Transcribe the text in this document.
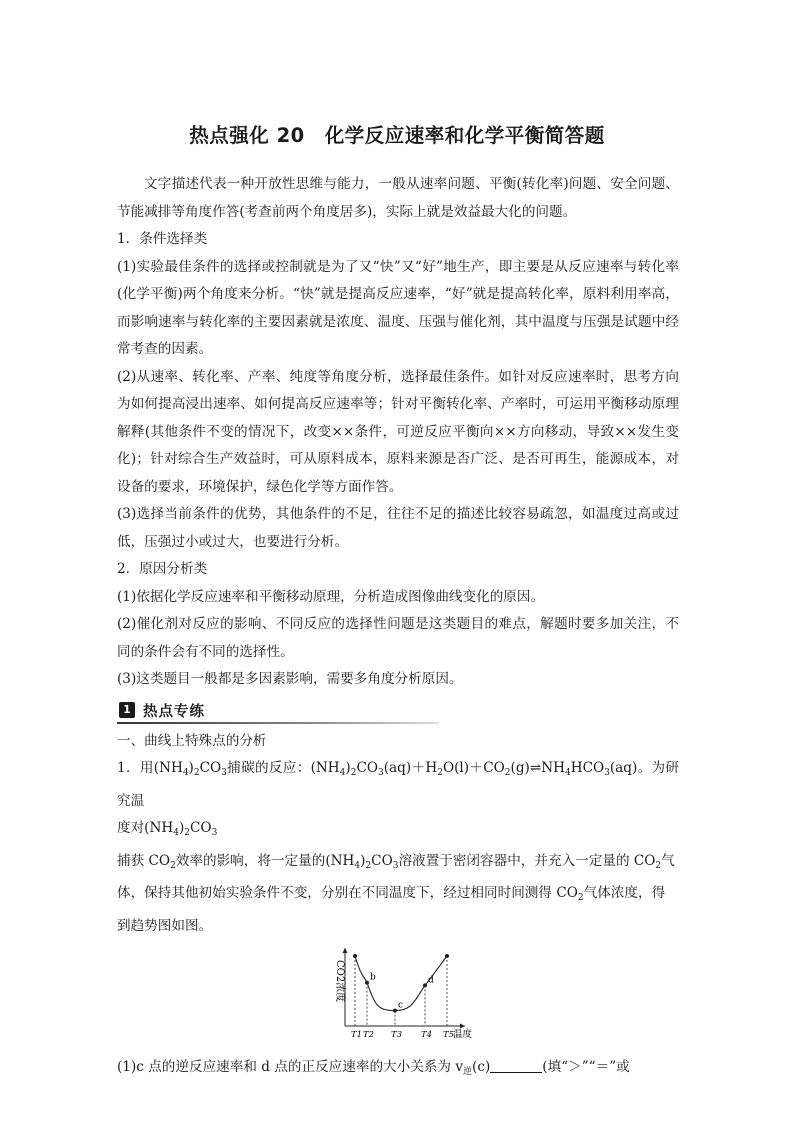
热点强化 20　化学反应速率和化学平衡简答题

文字描述代表一种开放性思维与能力，一般从速率问题、平衡(转化率)问题、安全问题、节能减排等角度作答(考查前两个角度居多)，实际上就是效益最大化的问题。

1．条件选择类

(1)实验最佳条件的选择或控制就是为了又“快”又“好”地生产，即主要是从反应速率与转化率(化学平衡)两个角度来分析。“快”就是提高反应速率，“好”就是提高转化率，原料利用率高，而影响速率与转化率的主要因素就是浓度、温度、压强与催化剂，其中温度与压强是试题中经常考查的因素。

(2)从速率、转化率、产率、纯度等角度分析，选择最佳条件。如针对反应速率时，思考方向为如何提高浸出速率、如何提高反应速率等；针对平衡转化率、产率时，可运用平衡移动原理解释(其他条件不变的情况下，改变××条件，可逆反应平衡向××方向移动，导致××发生变化)；针对综合生产效益时，可从原料成本，原料来源是否广泛、是否可再生，能源成本，对设备的要求，环境保护，绿色化学等方面作答。

(3)选择当前条件的优势，其他条件的不足，往往不足的描述比较容易疏忽，如温度过高或过低，压强过小或过大，也要进行分析。

2．原因分析类

(1)依据化学反应速率和平衡移动原理，分析造成图像曲线变化的原因。

(2)催化剂对反应的影响、不同反应的选择性问题是这类题目的难点，解题时要多加关注，不同的条件会有不同的选择性。

(3)这类题目一般都是多因素影响，需要多角度分析原因。

1 热点专练

一、曲线上特殊点的分析

1．用$(NH_4)_2CO_3$捕碳的反应：$(NH_4)_2CO_3(aq)+H_2O(l)+CO_2(g)\rightleftharpoons NH_4HCO_3(aq)$。为研究温

度对$(NH_4)_2CO_3$

捕获 $CO_2$效率的影响，将一定量的$(NH_4)_2CO_3$溶液置于密闭容器中，并充入一定量的 $CO_2$气

体，保持其他初始实验条件不变，分别在不同温度下，经过相同时间测得 $CO_2$气体浓度，得

到趋势图如图。

CO2浓度	b
c
d
T1 T2 T3 T4 T5
温度

(1)c 点的逆反应速率和 d 点的正反应速率的大小关系为 $v_逆(c)$	(填“＞”“＝”或
